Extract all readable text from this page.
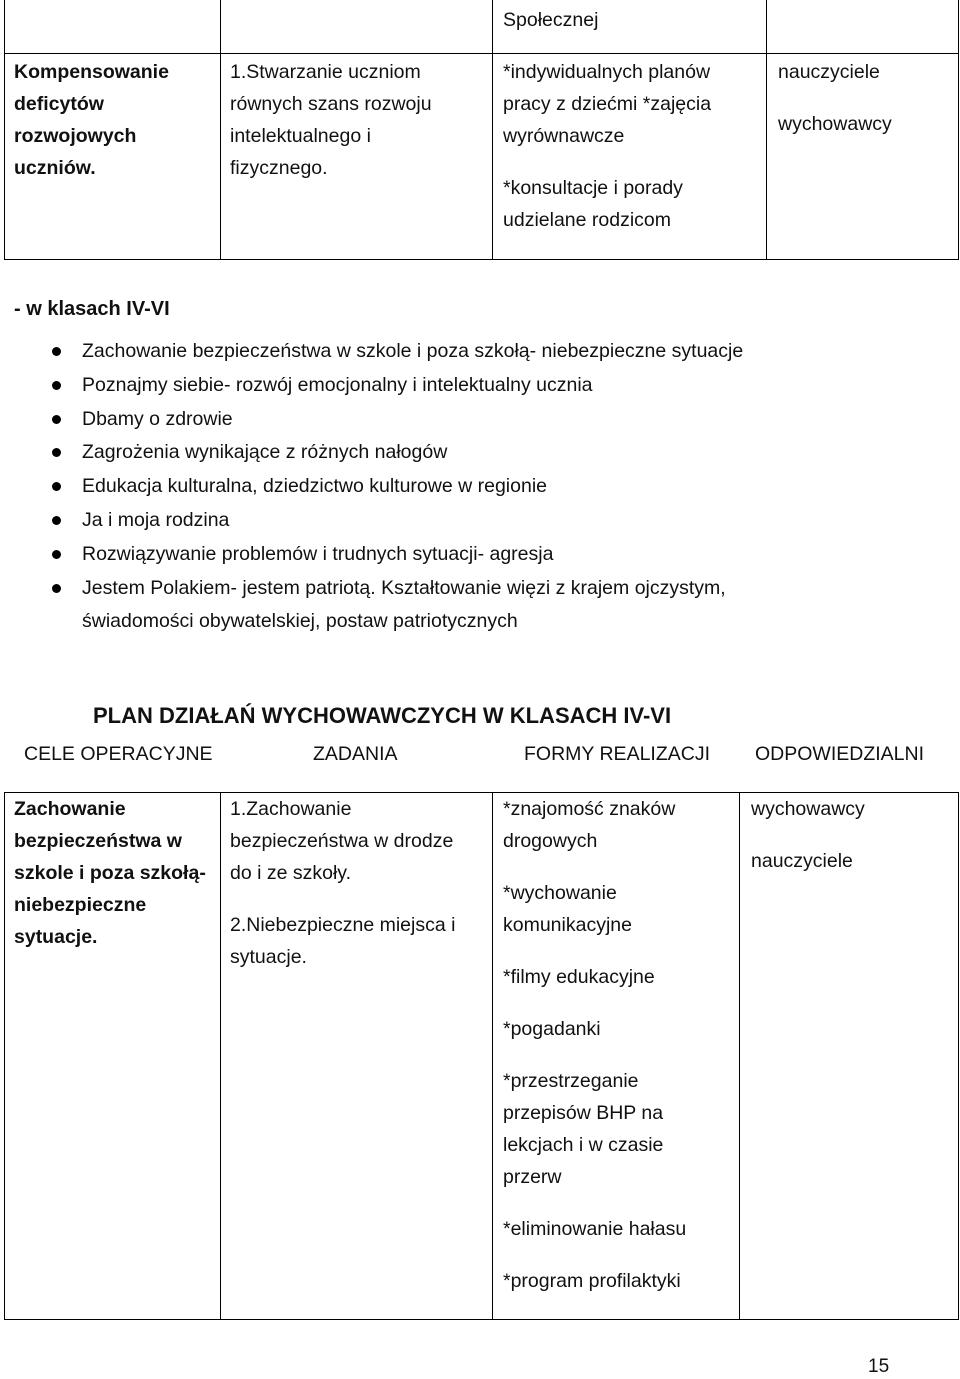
Społecznej
Kompensowanie
deficytów
rozwojowych
uczniów.
1.Stwarzanie uczniom
równych szans rozwoju
intelektualnego i
fizycznego.
*indywidualnych planów
pracy z dziećmi *zajęcia
wyrównawcze
*konsultacje i porady
udzielane rodzicom
nauczyciele
wychowawcy
- w klasach IV-VI
Zachowanie bezpieczeństwa w szkole i poza szkołą- niebezpieczne sytuacje
Poznajmy siebie- rozwój emocjonalny i intelektualny ucznia
Dbamy o zdrowie
Zagrożenia wynikające z różnych nałogów
Edukacja kulturalna, dziedzictwo kulturowe w regionie
Ja i moja rodzina
Rozwiązywanie problemów i trudnych sytuacji- agresja
Jestem Polakiem- jestem patriotą. Kształtowanie więzi z krajem ojczystym,
świadomości obywatelskiej, postaw patriotycznych
PLAN DZIAŁAŃ WYCHOWAWCZYCH W KLASACH IV-VI
CELE OPERACYJNE	ZADANIA	FORMY REALIZACJI ODPOWIEDZIALNI
Zachowanie
bezpieczeństwa w
szkole i poza szkołą-
niebezpieczne
sytuacje.
1.Zachowanie
bezpieczeństwa w drodze
do i ze szkoły.
2.Niebezpieczne miejsca i
sytuacje.
*znajomość znaków
drogowych
*wychowanie
komunikacyjne
*filmy edukacyjne
*pogadanki
*przestrzeganie
przepisów BHP na
lekcjach i w czasie
przerw
*eliminowanie hałasu
*program profilaktyki
wychowawcy
nauczyciele
15
